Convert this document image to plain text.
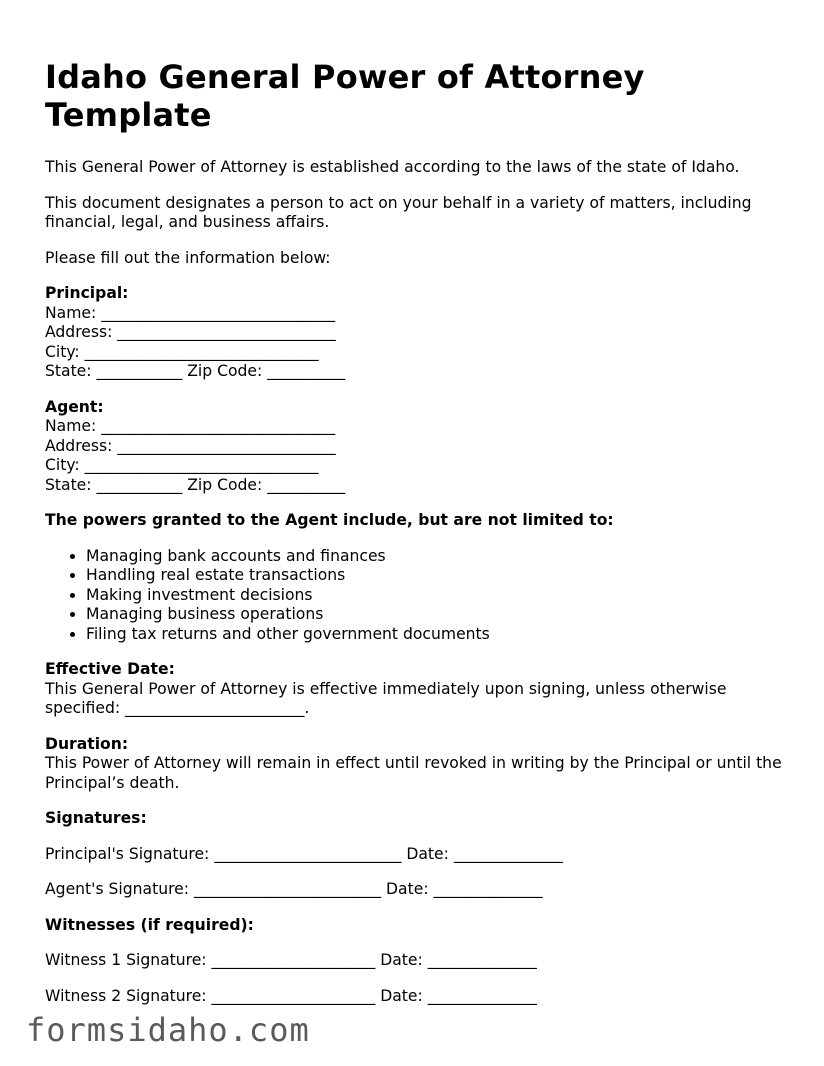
Idaho General Power of Attorney Template

This General Power of Attorney is established according to the laws of the state of Idaho.

This document designates a person to act on your behalf in a variety of matters, including financial, legal, and business affairs.

Please fill out the information below:

Principal:
Name: ______________________________
Address: ____________________________
City: ______________________________
State: ___________ Zip Code: __________
Agent:
Name: ______________________________
Address: ____________________________
City: ______________________________
State: ___________ Zip Code: __________

The powers granted to the Agent include, but are not limited to:

• Managing bank accounts and finances
• Handling real estate transactions
• Making investment decisions
• Managing business operations
• Filing tax returns and other government documents
Effective Date:
This General Power of Attorney is effective immediately upon signing, unless otherwise specified: _______________________.
Duration:
This Power of Attorney will remain in effect until revoked in writing by the Principal or until the Principal’s death.

Signatures:

Principal's Signature: ________________________ Date: ______________
Agent's Signature: ________________________ Date: ______________

Witnesses (if required):

Witness 1 Signature: _____________________ Date: ______________
Witness 2 Signature: _____________________ Date: ______________
formsidaho.com
